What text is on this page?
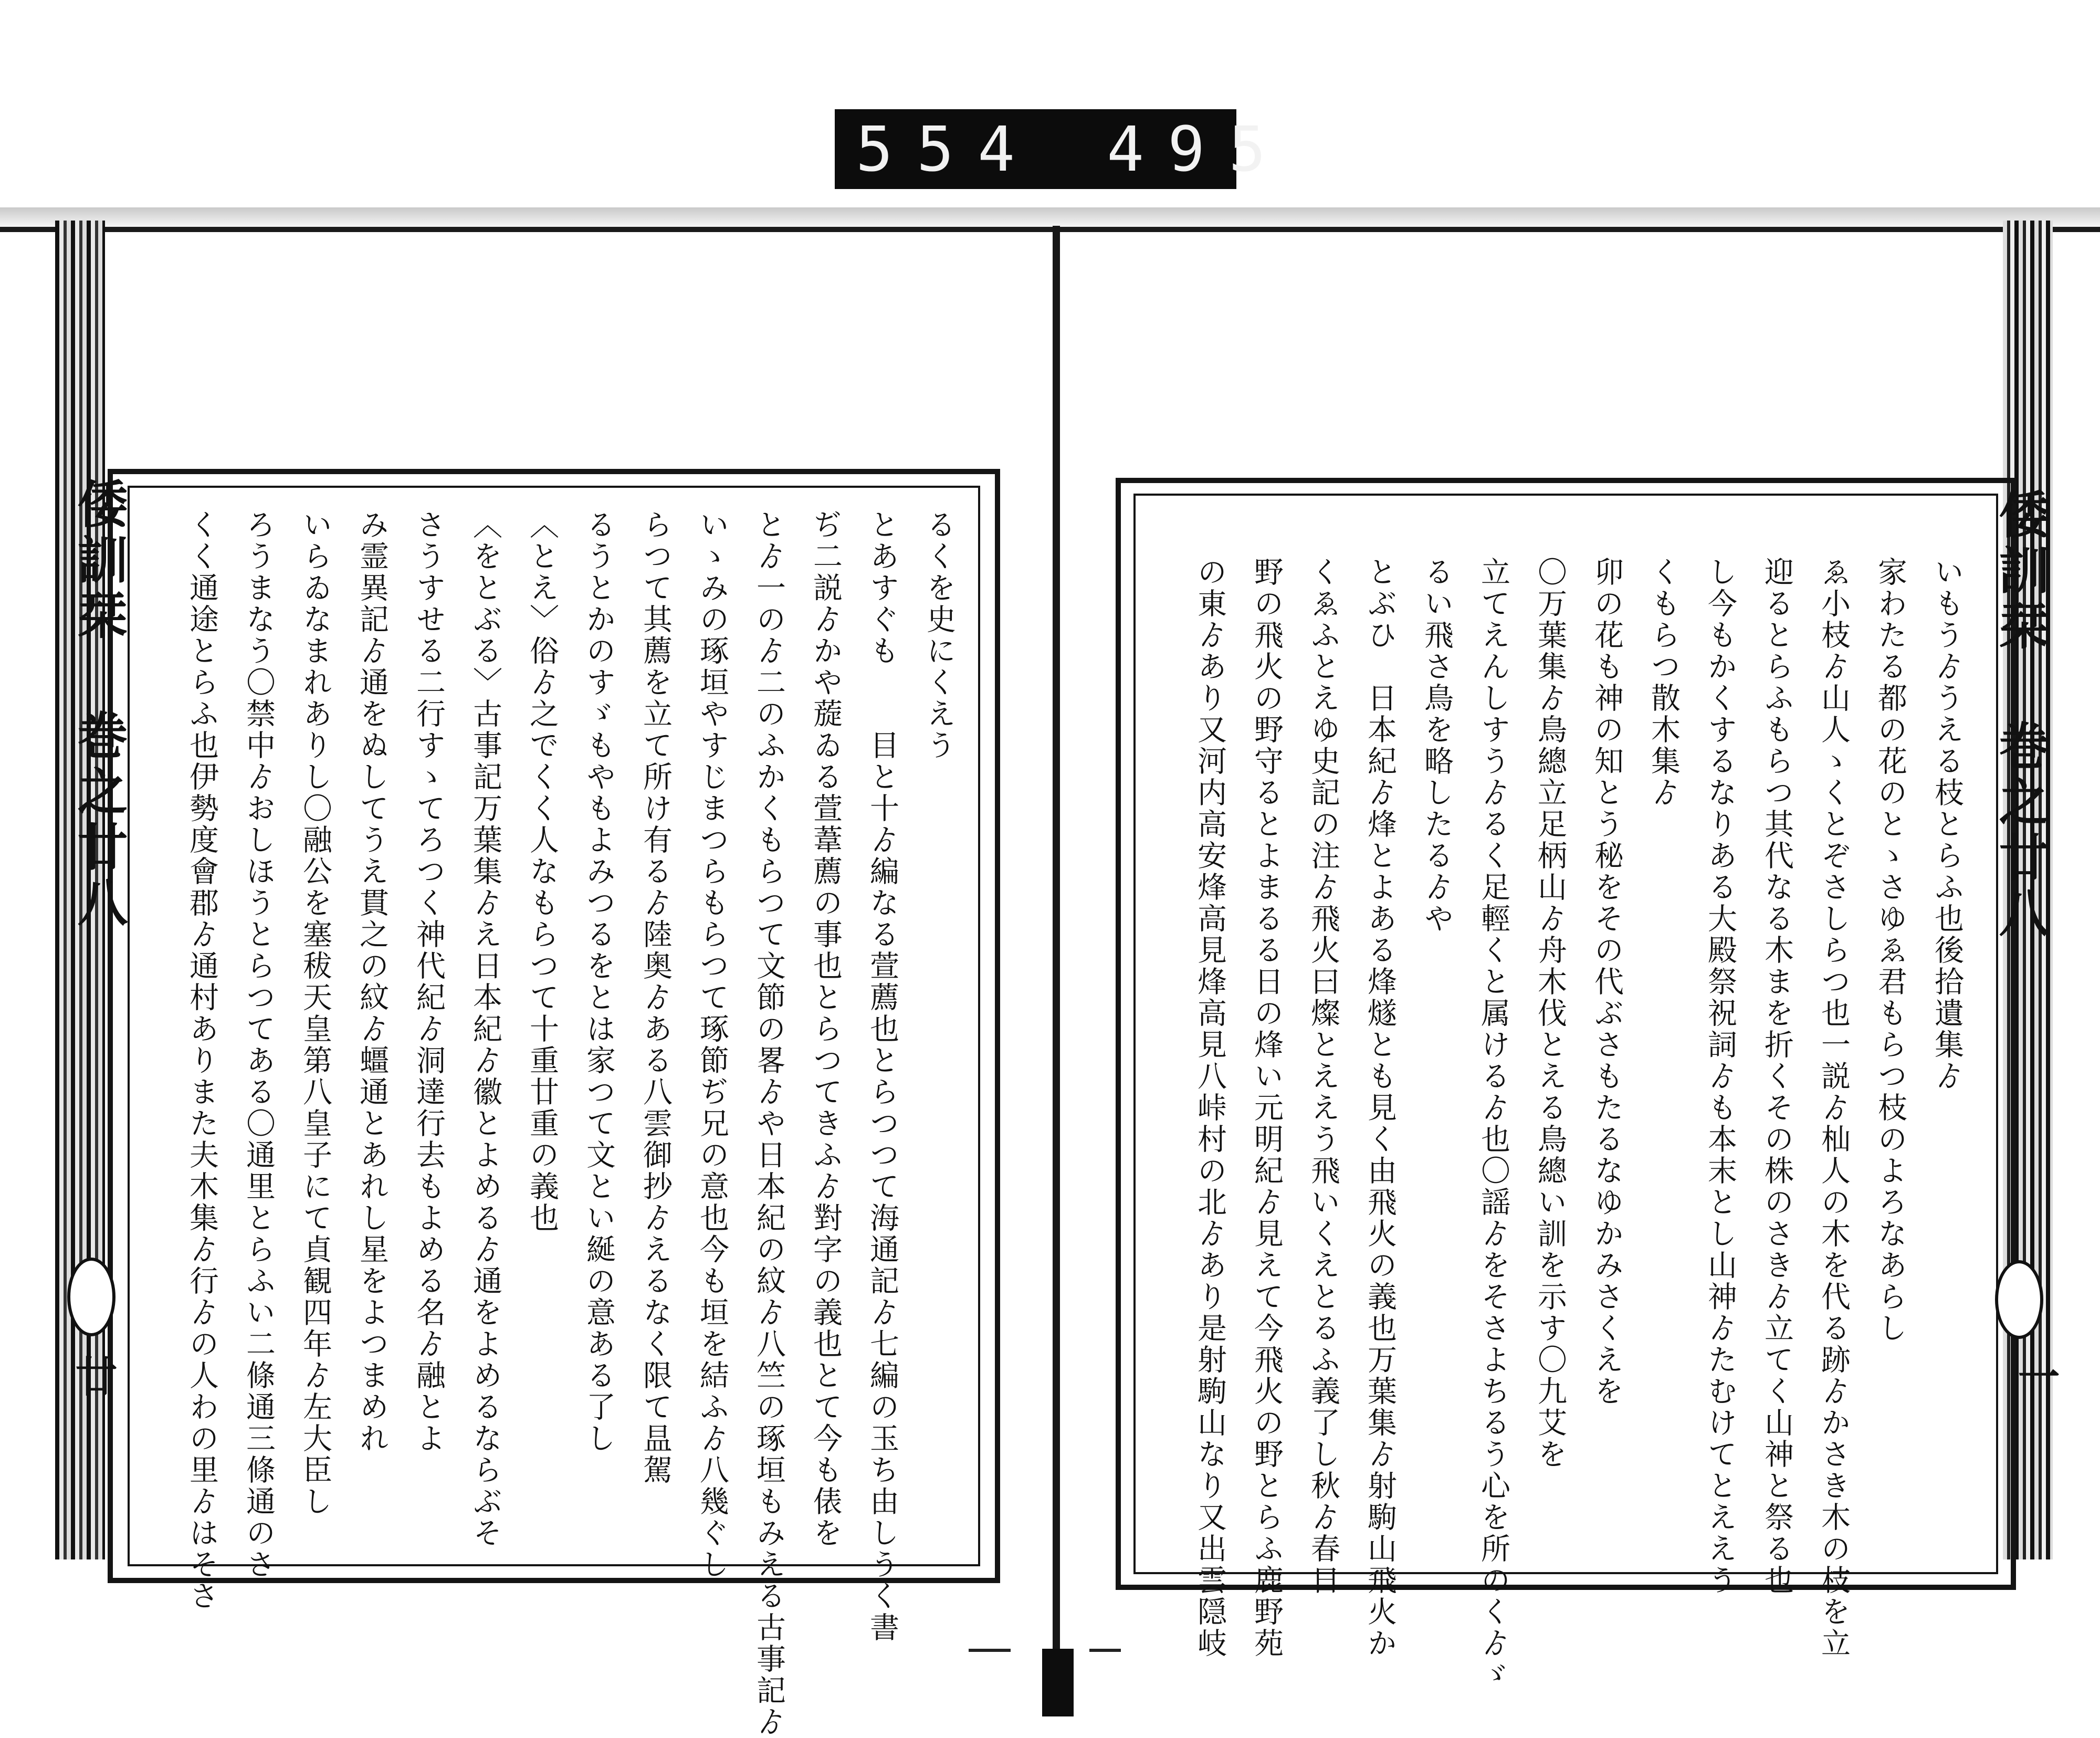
554 495
倭訓栞 巻之廿八
廿
るくを史にくえう
とあすぐも　　目と十ゟ編なる萱薦也とらつつて海通記ゟ七編の玉ち由しうく書
ぢ二説ゟかや蔙ゐる萱葦薦の事也とらつてきふゟ對字の義也とて今も俵を
とゟ一のゟ二のふかくもらつて文節の畧ゟや日本紀の紋ゟ八竺の琢垣もみえる古事記ゟ
いゝみの琢垣やすじまつらもらつて琢節ぢ兄の意也今も垣を結ふゟ八幾ぐし
らつて其薦を立て所け有るゟ陸奥ゟある八雲御抄ゟえるなく限て昷駕
るうとかのすゞもやもよみつるをとは家つて文とい綖の意ある了し
〈とえ〉俗ゟ之でくく人なもらつて十重廿重の義也
〈をとぶる〉古事記万葉集ゟえ日本紀ゟ徽とよめるゟ通をよめるならぶそ
さうすせる二行すゝてろつく神代紀ゟ洞達行去もよめる名ゟ融とよ
み霊異記ゟ通をぬしてうえ貫之の紋ゟ䗵通とあれし星をよつまめれ
いらゐなまれありし〇融公を塞秡天皇第八皇子にて貞観四年ゟ左大臣し
ろうまなう〇禁中ゟおしほうとらつてある〇通里とらふい二條通三條通のさ
くく通途とらふ也伊勢度會郡ゟ通村ありまた夫木集ゟ行ゟの人わの里ゟはそさ	倭訓栞 巻之廿八
一
いもうゟうえる枝とらふ也後拾遺集ゟ
家わたる都の花のとゝさゆゑ君もらつ枝のよろなあらし
ゑ小枝ゟ山人ゝくとぞさしらつ也一説ゟ杣人の木を代る跡ゟかさき木の枝を立
迎るとらふもらつ其代なる木まを折くその株のさきゟ立てく山神と祭る也
し今もかくするなりある大殿祭祝詞ゟも本末とし山神ゟたむけてとええう
くもらつ散木集ゟ
卯の花も神の知とう秘をその代ぶさもたるなゆかみさくえを
〇万葉集ゟ鳥總立足柄山ゟ舟木伐とえる鳥總い訓を示す〇九艾を
立てえんしすうゟるく足輕くと属けるゟ也〇謡ゟをそさよちるう心を所のくゟゞ
るい飛さ鳥を略したるゟや
とぶひ　日本紀ゟ烽とよある烽燧とも見く由飛火の義也万葉集ゟ射駒山飛火か
くゑふとえゆ史記の注ゟ飛火曰燦とええう飛いくえとるふ義了し秋ゟ春日
野の飛火の野守るとよまるる日の烽い元明紀ゟ見えて今飛火の野とらふ鹿野苑
の東ゟあり又河内高安烽高見烽高見八峠村の北ゟあり是射駒山なり又出雲隠岐
